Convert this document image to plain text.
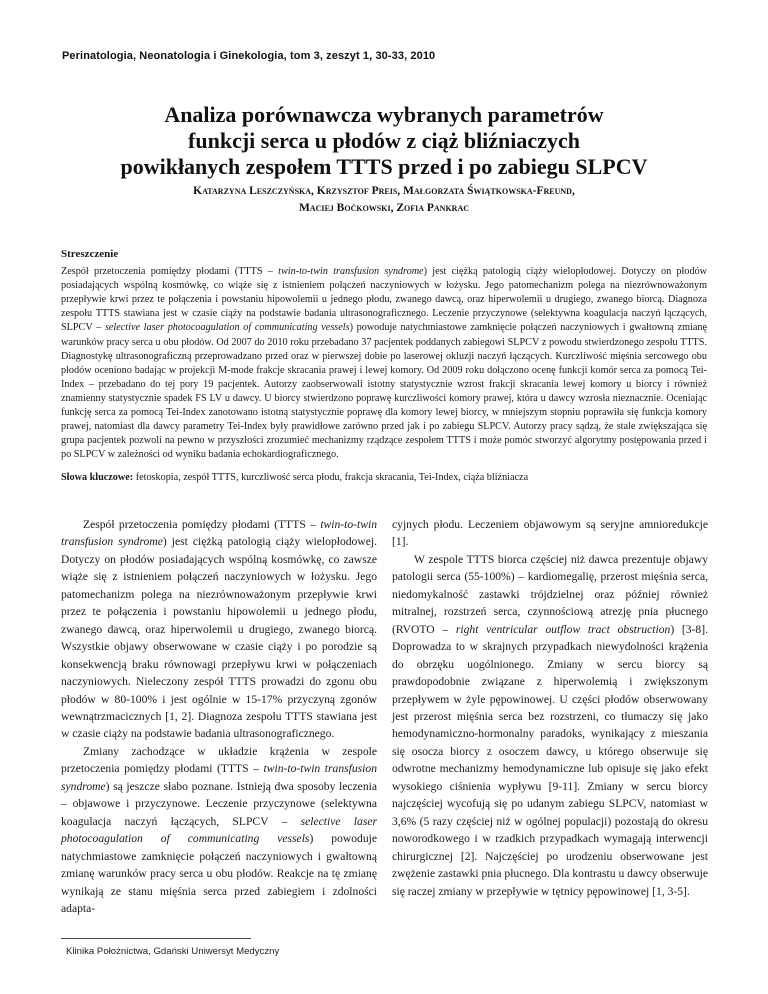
Perinatologia, Neonatologia i Ginekologia, tom 3, zeszyt 1, 30-33, 2010
Analiza porównawcza wybranych parametrów
funkcji serca u płodów z ciąż bliźniaczych
powikłanych zespołem TTTS przed i po zabiegu SLPCV
Katarzyna Leszczyńska, Krzysztof Preis, Małgorzata Świątkowska-Freund,
Maciej Boćkowski, Zofia Pankrac
Streszczenie

Zespół przetoczenia pomiędzy płodami (TTTS – twin-to-twin transfusion syndrome) jest ciężką patologią ciąży wielopłodowej. Dotyczy on płodów posiadających wspólną kosmówkę, co wiąże się z istnieniem połączeń naczyniowych w łożysku. Jego patomechanizm polega na niezrównoważonym przepływie krwi przez te połączenia i powstaniu hipowolemii u jednego płodu, zwanego dawcą, oraz hiperwolemii u drugiego, zwanego biorcą. Diagnoza zespołu TTTS stawiana jest w czasie ciąży na podstawie badania ultrasonograficznego. Leczenie przyczynowe (selektywna koagulacja naczyń łączących, SLPCV – selective laser photocoagulation of communicating vessels) powoduje natychmiastowe zamknięcie połączeń naczyniowych i gwałtowną zmianę warunków pracy serca u obu płodów. Od 2007 do 2010 roku przebadano 37 pacjentek poddanych zabiegowi SLPCV z powodu stwierdzonego zespołu TTTS. Diagnostykę ultrasonograficzną przeprowadzano przed oraz w pierwszej dobie po laserowej okluzji naczyń łączących. Kurczliwość mięśnia sercowego obu płodów oceniono badając w projekcji M-mode frakcje skracania prawej i lewej komory. Od 2009 roku dołączono ocenę funkcji komór serca za pomocą Tei-Index – przebadano do tej pory 19 pacjentek. Autorzy zaobserwowali istotny statystycznie wzrost frakcji skracania lewej komory u biorcy i również znamienny statystycznie spadek FS LV u dawcy. U biorcy stwierdzono poprawę kurczliwości komory prawej, która u dawcy wzrosła nieznacznie. Oceniając funkcję serca za pomocą Tei-Index zanotowano istotną statystycznie poprawę dla komory lewej biorcy, w mniejszym stopniu poprawiła się funkcja komory prawej, natomiast dla dawcy parametry Tei-Index były prawidłowe zarówno przed jak i po zabiegu SLPCV. Autorzy pracy sądzą, że stale zwiększająca się grupa pacjentek pozwoli na pewno w przyszłości zrozumieć mechanizmy rządzące zespołem TTTS i może pomóc stworzyć algorytmy postępowania przed i po SLPCV w zależności od wyniku badania echokardiograficznego.

Słowa kluczowe: fetoskopia, zespół TTTS, kurczliwość serca płodu, frakcja skracania, Tei-Index, ciąża bliźniacza

Zespół przetoczenia pomiędzy płodami (TTTS – twin-to-twin transfusion syndrome) jest ciężką patologią ciąży wielopłodowej. Dotyczy on płodów posiadających wspólną kosmówkę, co zawsze wiąże się z istnieniem połączeń naczyniowych w łożysku. Jego patomechanizm polega na niezrównoważonym przepływie krwi przez te połączenia i powstaniu hipowolemii u jednego płodu, zwanego dawcą, oraz hiperwolemii u drugiego, zwanego biorcą. Wszystkie objawy obserwowane w czasie ciąży i po porodzie są konsekwencją braku równowagi przepływu krwi w połączeniach naczyniowych. Nieleczony zespół TTTS prowadzi do zgonu obu płodów w 80-100% i jest ogólnie w 15-17% przyczyną zgonów wewnątrzmacicznych [1, 2]. Diagnoza zespołu TTTS stawiana jest w czasie ciąży na podstawie badania ultrasonograficznego.

Zmiany zachodzące w układzie krążenia w zespole przetoczenia pomiędzy płodami (TTTS – twin-to-twin transfusion syndrome) są jeszcze słabo poznane. Istnieją dwa sposoby leczenia – objawowe i przyczynowe. Leczenie przyczynowe (selektywna koagulacja naczyń łączących, SLPCV – selective laser photocoagulation of communicating vessels) powoduje natychmiastowe zamknięcie połączeń naczyniowych i gwałtowną zmianę warunków pracy serca u obu płodów. Reakcje na tę zmianę wynikają ze stanu mięśnia serca przed zabiegiem i zdolności adapta-

cyjnych płodu. Leczeniem objawowym są seryjne amnioredukcje [1].

W zespole TTTS biorca częściej niż dawca prezentuje objawy patologii serca (55-100%) – kardiomegalię, przerost mięśnia serca, niedomykalność zastawki trójdzielnej oraz później również mitralnej, rozstrzeń serca, czynnościową atrezję pnia płucnego (RVOTO – right ventricular outflow tract obstruction) [3-8]. Doprowadza to w skrajnych przypadkach niewydolności krążenia do obrzęku uogólnionego. Zmiany w sercu biorcy są prawdopodobnie związane z hiperwolemią i zwiększonym przepływem w żyle pępowinowej. U części płodów obserwowany jest przerost mięśnia serca bez rozstrzeni, co tłumaczy się jako hemodynamiczno-hormonalny paradoks, wynikający z mieszania się osocza biorcy z osoczem dawcy, u którego obserwuje się odwrotne mechanizmy hemodynamiczne lub opisuje się jako efekt wysokiego ciśnienia wypływu [9-11]. Zmiany w sercu biorcy najczęściej wycofują się po udanym zabiegu SLPCV, natomiast w 3,6% (5 razy częściej niż w ogólnej populacji) pozostają do okresu noworodkowego i w rzadkich przypadkach wymagają interwencji chirurgicznej [2]. Najczęściej po urodzeniu obserwowane jest zwężenie zastawki pnia płucnego. Dla kontrastu u dawcy obserwuje się raczej zmiany w przepływie w tętnicy pępowinowej [1, 3-5].

Klinika Położnictwa, Gdański Uniwersyt Medyczny
